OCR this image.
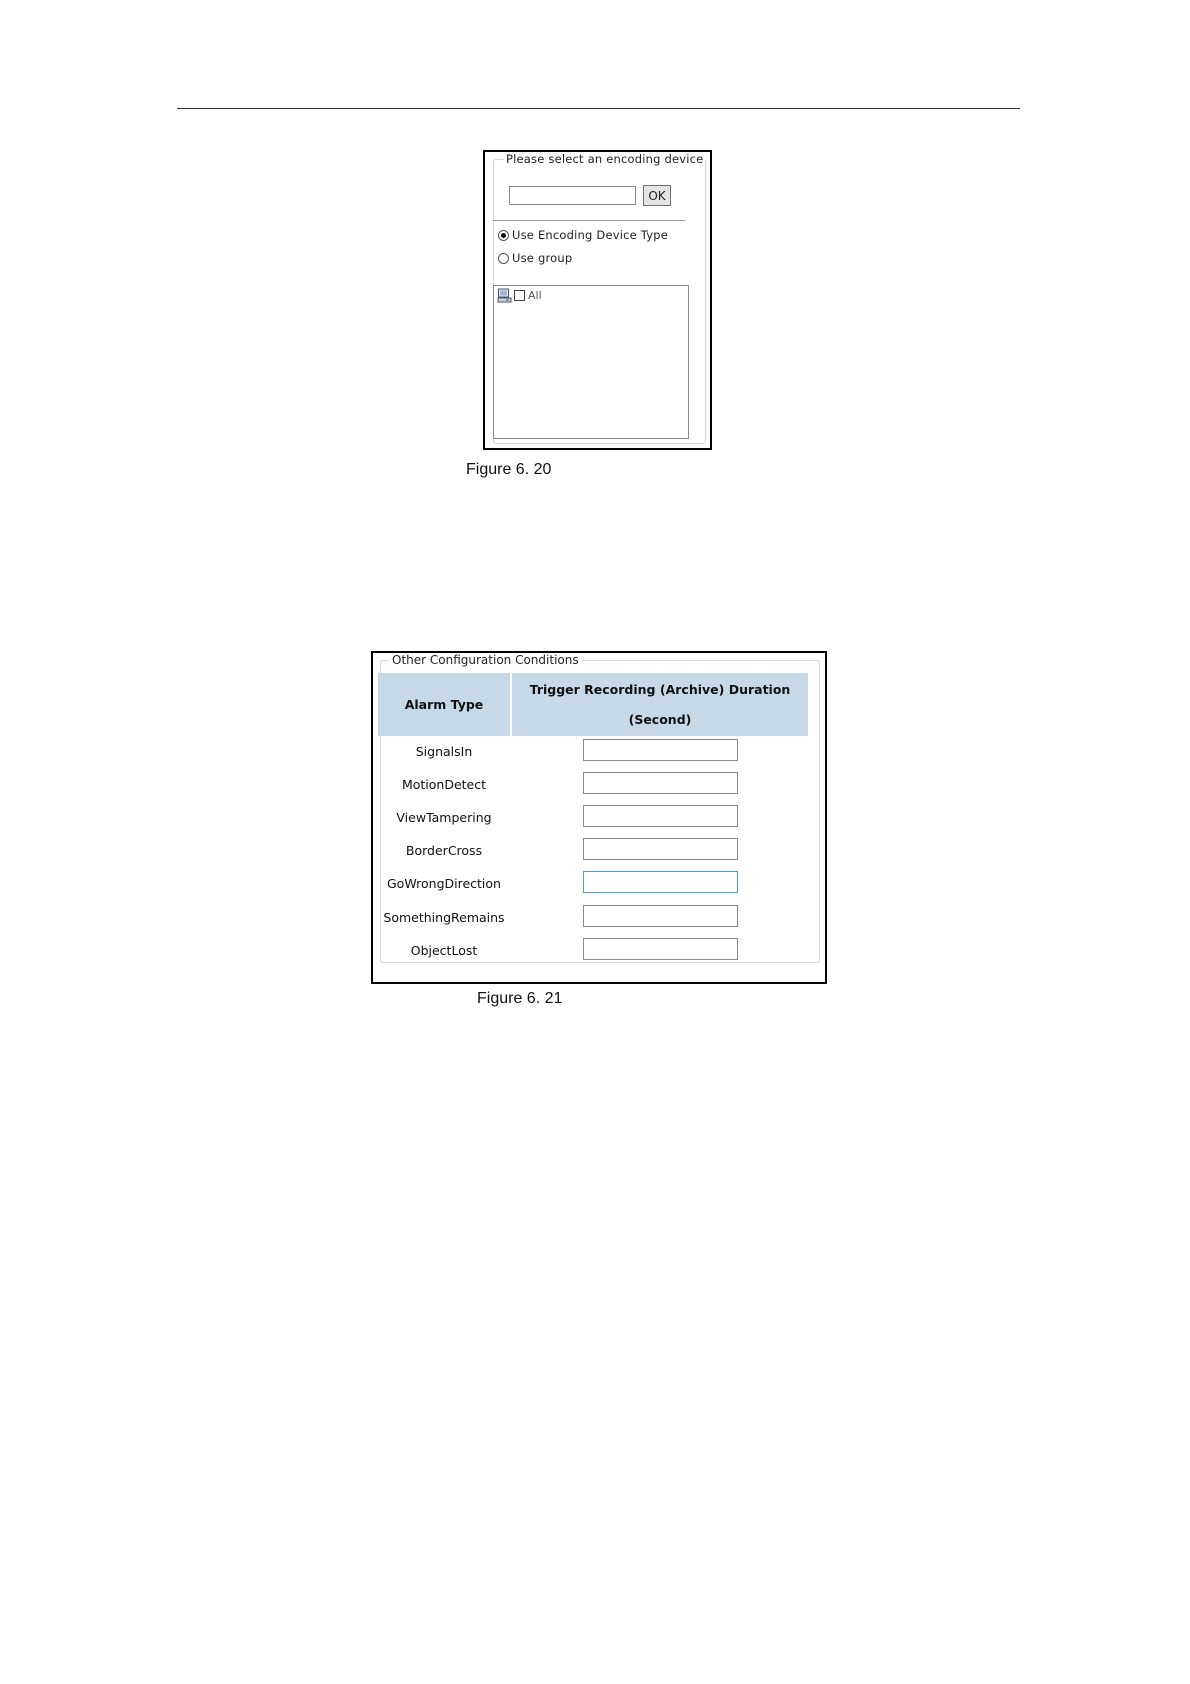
Please select an encoding device
OK
Use Encoding Device Type
Use group
All
Figure 6. 20
Other Configuration Conditions
Alarm Type
Trigger Recording (Archive) Duration (Second)
SignalsIn
MotionDetect
ViewTampering
BorderCross
GoWrongDirection
SomethingRemains
ObjectLost
Figure 6. 21
